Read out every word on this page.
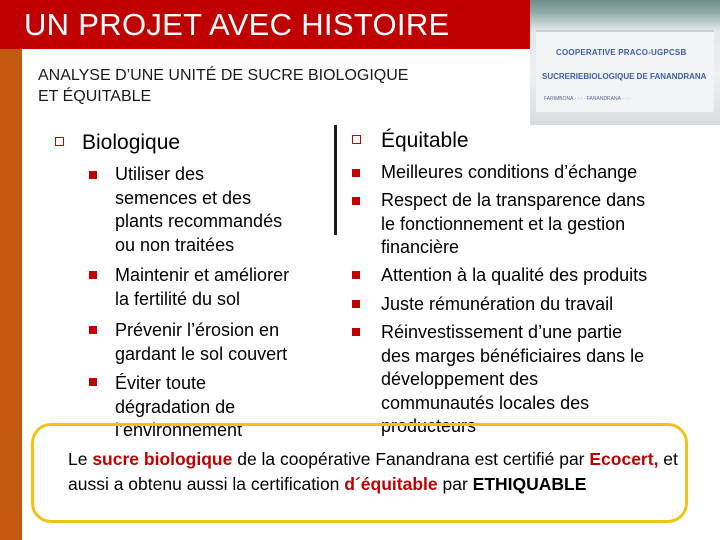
UN PROJET AVEC HISTOIRE
COOPERATIVE PRACO-UGPCSB
SUCRERIEBIOLOGIQUE DE FANANDRANA
FARIMBONA · · · · FANANDRANA · · ·
ANALYSE D’UNE UNITÉ DE SUCRE BIOLOGIQUE
ET ÉQUITABLE
Biologique	Équitable
Utiliser des
semences et des
plants recommandés
ou non traitées
Maintenir et améliorer
la fertilité du sol
Prévenir l’érosion en
gardant le sol couvert
Éviter toute
dégradation de
l’environnement
Meilleures conditions d’échange
Respect de la transparence dans
le fonctionnement et la gestion
financière
Attention à la qualité des produits
Juste rémunération du travail
Réinvestissement d’une partie
des marges bénéficiaires dans le
développement des
communautés locales des
producteurs
Le sucre biologique de la coopérative Fanandrana est certifié par Ecocert, et aussi a obtenu aussi la certification d´équitable par ETHIQUABLE
